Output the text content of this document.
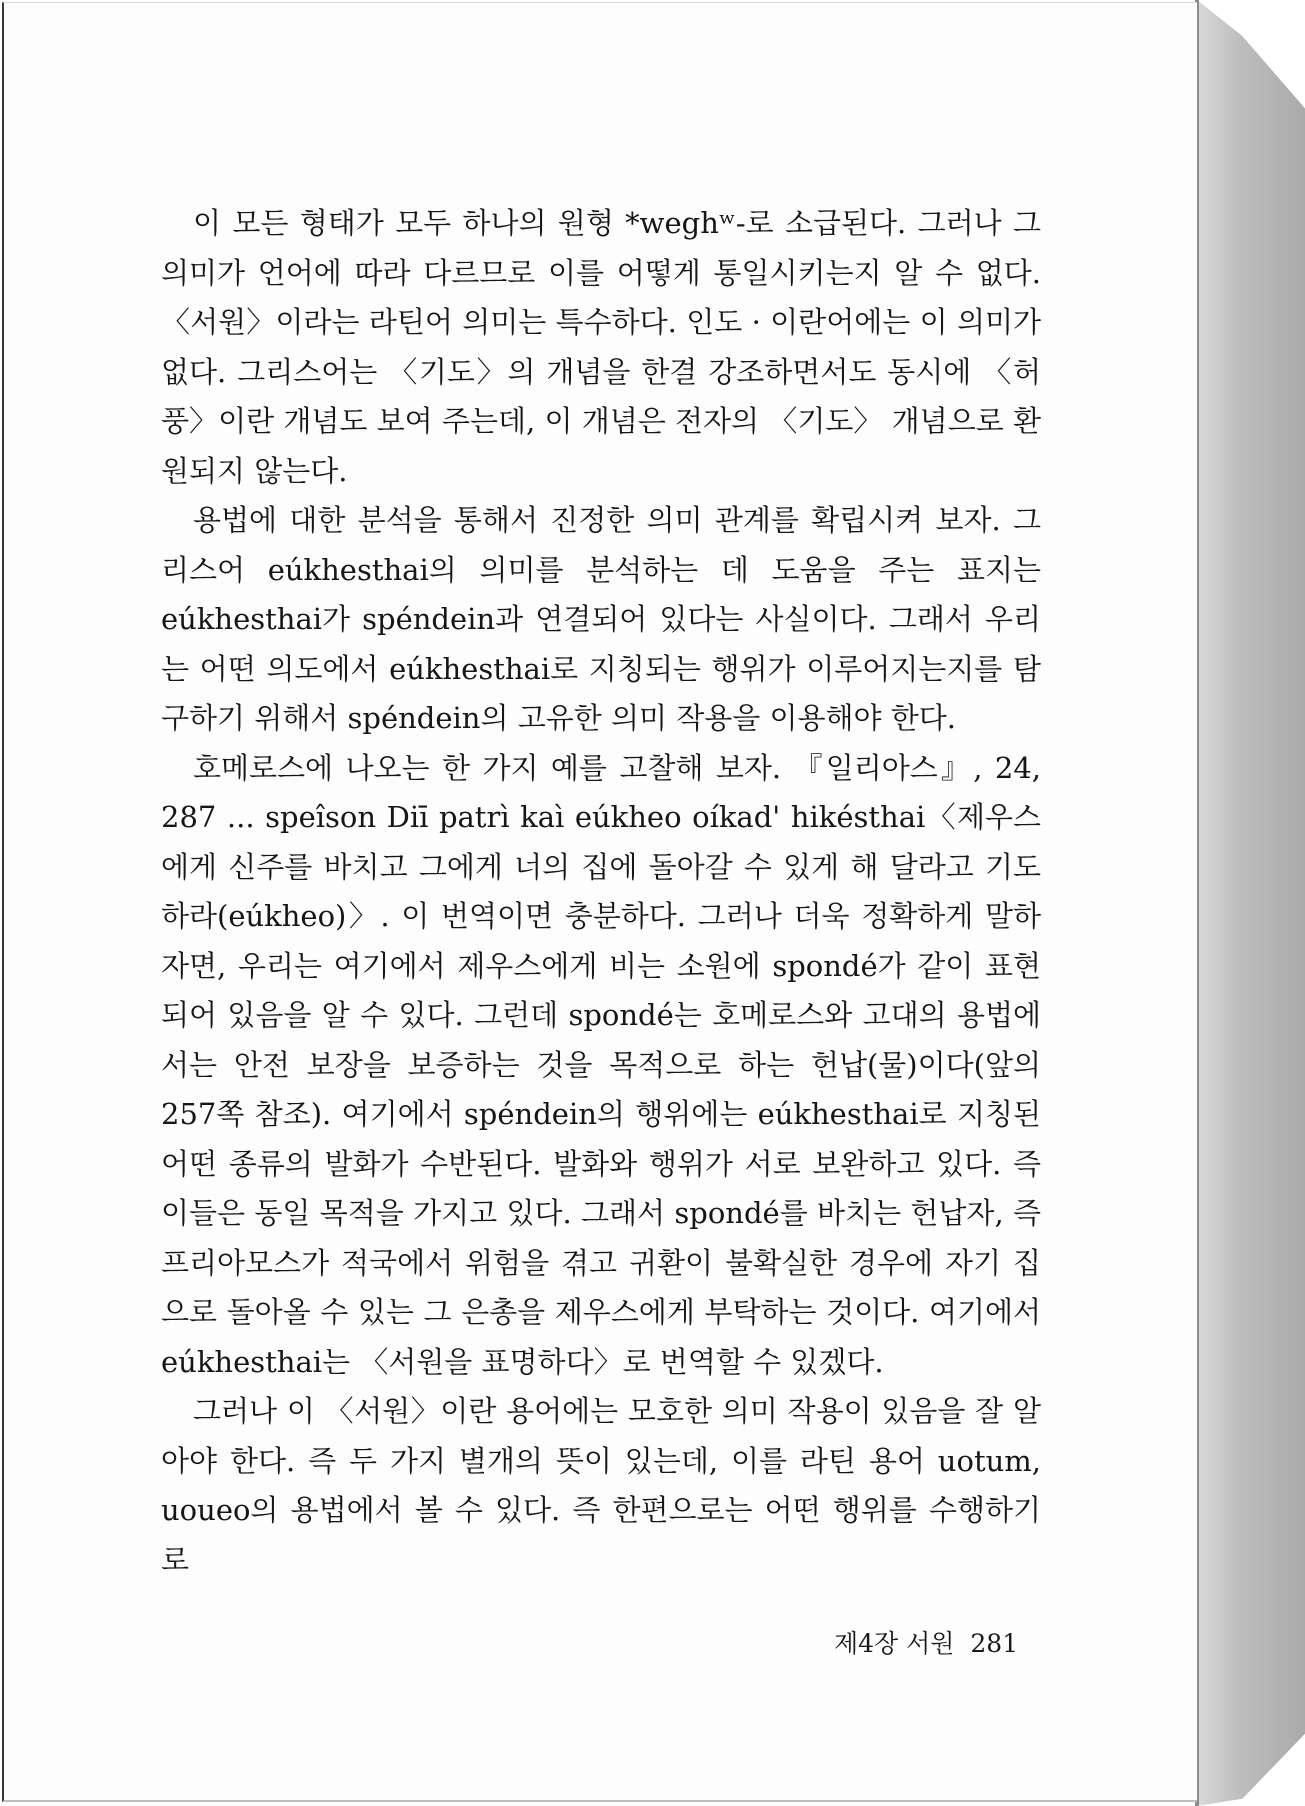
이 모든 형태가 모두 하나의 원형 *weghʷ-로 소급된다. 그러나 그 의미가 언어에 따라 다르므로 이를 어떻게 통일시키는지 알 수 없다. 〈서원〉이라는 라틴어 의미는 특수하다. 인도 · 이란어에는 이 의미가 없다. 그리스어는 〈기도〉의 개념을 한결 강조하면서도 동시에 〈허풍〉이란 개념도 보여 주는데, 이 개념은 전자의 〈기도〉 개념으로 환원되지 않는다.

용법에 대한 분석을 통해서 진정한 의미 관계를 확립시켜 보자. 그리스어 eúkhesthai의 의미를 분석하는 데 도움을 주는 표지는 eúkhesthai가 spéndein과 연결되어 있다는 사실이다. 그래서 우리는 어떤 의도에서 eúkhesthai로 지칭되는 행위가 이루어지는지를 탐구하기 위해서 spéndein의 고유한 의미 작용을 이용해야 한다.

호메로스에 나오는 한 가지 예를 고찰해 보자. 『일리아스』, 24, 287 ... speîson Diī patrì kaì eúkheo oíkad' hikésthai〈제우스에게 신주를 바치고 그에게 너의 집에 돌아갈 수 있게 해 달라고 기도하라(eúkheo)〉. 이 번역이면 충분하다. 그러나 더욱 정확하게 말하자면, 우리는 여기에서 제우스에게 비는 소원에 spondé가 같이 표현되어 있음을 알 수 있다. 그런데 spondé는 호메로스와 고대의 용법에서는 안전 보장을 보증하는 것을 목적으로 하는 헌납(물)이다(앞의 257쪽 참조). 여기에서 spéndein의 행위에는 eúkhesthai로 지칭된 어떤 종류의 발화가 수반된다. 발화와 행위가 서로 보완하고 있다. 즉 이들은 동일 목적을 가지고 있다. 그래서 spondé를 바치는 헌납자, 즉 프리아모스가 적국에서 위험을 겪고 귀환이 불확실한 경우에 자기 집으로 돌아올 수 있는 그 은총을 제우스에게 부탁하는 것이다. 여기에서 eúkhesthai는 〈서원을 표명하다〉로 번역할 수 있겠다.

그러나 이 〈서원〉이란 용어에는 모호한 의미 작용이 있음을 잘 알아야 한다. 즉 두 가지 별개의 뜻이 있는데, 이를 라틴 용어 uotum, uoueo의 용법에서 볼 수 있다. 즉 한편으로는 어떤 행위를 수행하기로

제4장 서원 281
